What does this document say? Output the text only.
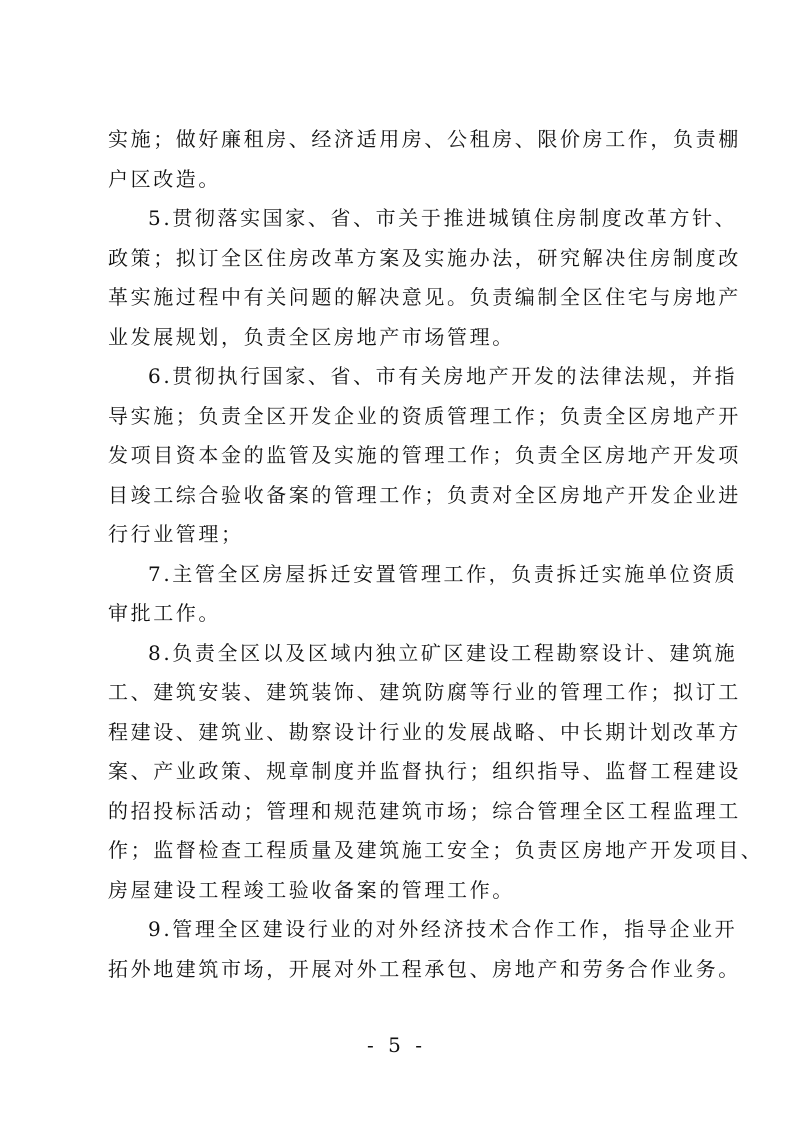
实施；做好廉租房、经济适用房、公租房、限价房工作，负责棚
户区改造。

5.贯彻落实国家、省、市关于推进城镇住房制度改革方针、
政策；拟订全区住房改革方案及实施办法，研究解决住房制度改
革实施过程中有关问题的解决意见。负责编制全区住宅与房地产
业发展规划，负责全区房地产市场管理。

6.贯彻执行国家、省、市有关房地产开发的法律法规，并指
导实施；负责全区开发企业的资质管理工作；负责全区房地产开
发项目资本金的监管及实施的管理工作；负责全区房地产开发项
目竣工综合验收备案的管理工作；负责对全区房地产开发企业进
行行业管理；

7.主管全区房屋拆迁安置管理工作，负责拆迁实施单位资质
审批工作。

8.负责全区以及区域内独立矿区建设工程勘察设计、建筑施
工、建筑安装、建筑装饰、建筑防腐等行业的管理工作；拟订工
程建设、建筑业、勘察设计行业的发展战略、中长期计划改革方
案、产业政策、规章制度并监督执行；组织指导、监督工程建设
的招投标活动；管理和规范建筑市场；综合管理全区工程监理工
作；监督检查工程质量及建筑施工安全；负责区房地产开发项目、
房屋建设工程竣工验收备案的管理工作。

9.管理全区建设行业的对外经济技术合作工作，指导企业开
拓外地建筑市场，开展对外工程承包、房地产和劳务合作业务。

- 5 -
